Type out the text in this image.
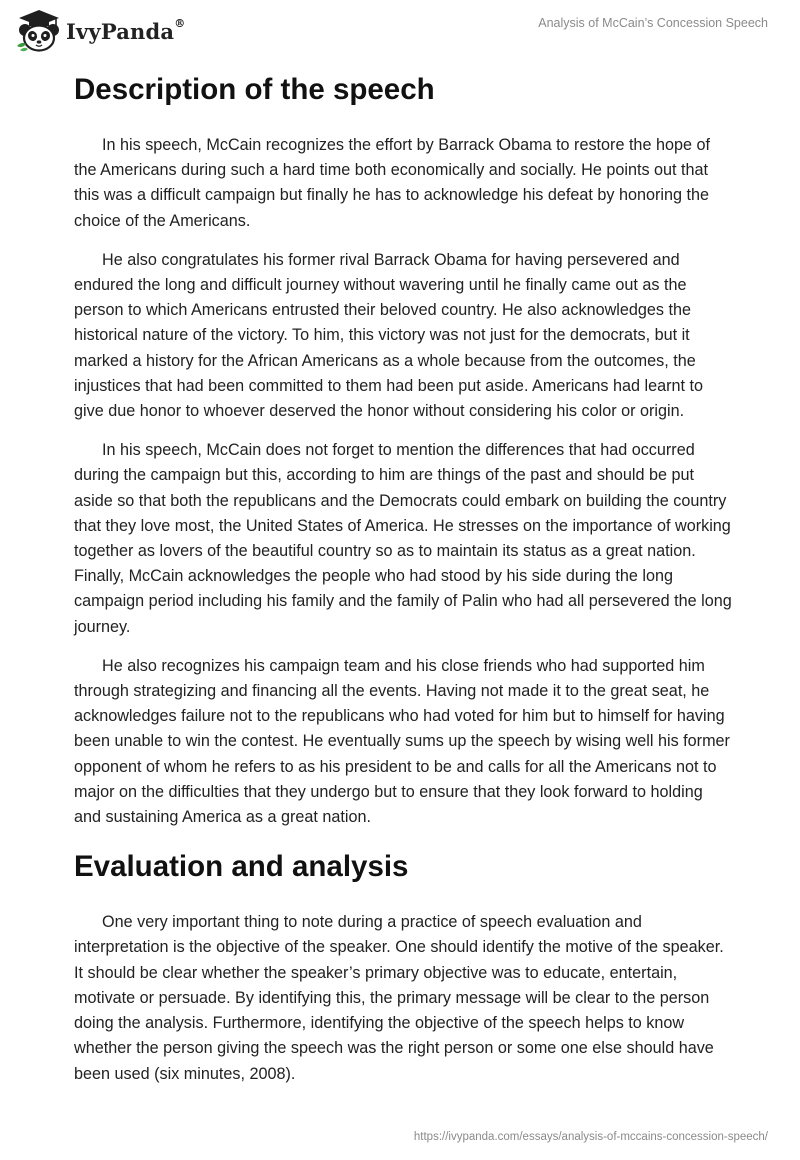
IvyPanda®	Analysis of McCain’s Concession Speech
Description of the speech

In his speech, McCain recognizes the effort by Barrack Obama to restore the hope of the Americans during such a hard time both economically and socially. He points out that this was a difficult campaign but finally he has to acknowledge his defeat by honoring the choice of the Americans.

He also congratulates his former rival Barrack Obama for having persevered and endured the long and difficult journey without wavering until he finally came out as the person to which Americans entrusted their beloved country. He also acknowledges the historical nature of the victory. To him, this victory was not just for the democrats, but it marked a history for the African Americans as a whole because from the outcomes, the injustices that had been committed to them had been put aside. Americans had learnt to give due honor to whoever deserved the honor without considering his color or origin.

In his speech, McCain does not forget to mention the differences that had occurred during the campaign but this, according to him are things of the past and should be put aside so that both the republicans and the Democrats could embark on building the country that they love most, the United States of America. He stresses on the importance of working together as lovers of the beautiful country so as to maintain its status as a great nation. Finally, McCain acknowledges the people who had stood by his side during the long campaign period including his family and the family of Palin who had all persevered the long journey.

He also recognizes his campaign team and his close friends who had supported him through strategizing and financing all the events. Having not made it to the great seat, he acknowledges failure not to the republicans who had voted for him but to himself for having been unable to win the contest. He eventually sums up the speech by wising well his former opponent of whom he refers to as his president to be and calls for all the Americans not to major on the difficulties that they undergo but to ensure that they look forward to holding and sustaining America as a great nation.

Evaluation and analysis

One very important thing to note during a practice of speech evaluation and interpretation is the objective of the speaker. One should identify the motive of the speaker. It should be clear whether the speaker’s primary objective was to educate, entertain, motivate or persuade. By identifying this, the primary message will be clear to the person doing the analysis. Furthermore, identifying the objective of the speech helps to know whether the person giving the speech was the right person or some one else should have been used (six minutes, 2008).

https://ivypanda.com/essays/analysis-of-mccains-concession-speech/
